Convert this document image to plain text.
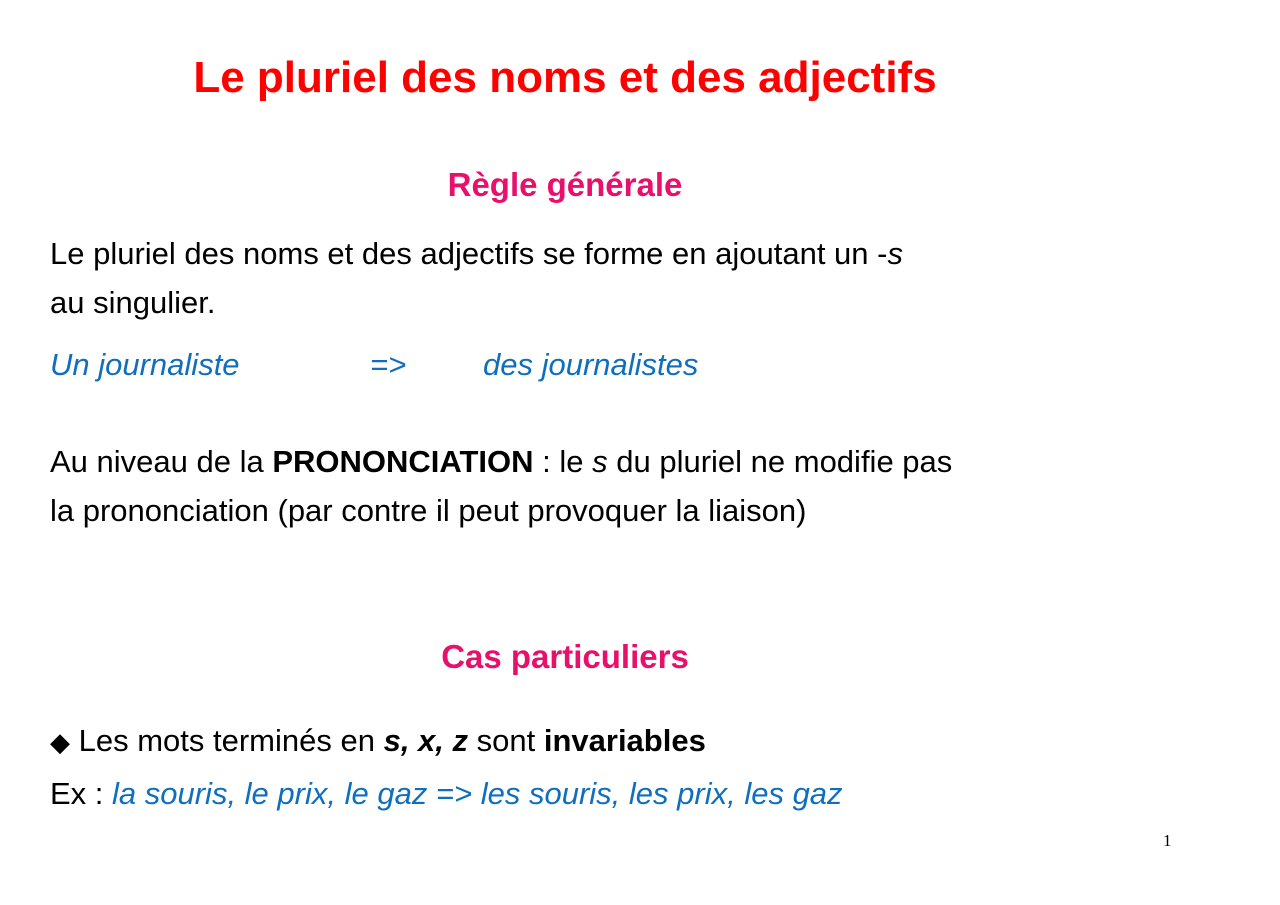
Le pluriel des noms et des adjectifs
Règle générale
Le pluriel des noms et des adjectifs se forme en ajoutant un -s
au singulier.
Un journaliste	=> des journalistes
Au niveau de la PRONONCIATION : le s du pluriel ne modifie pas
la prononciation (par contre il peut provoquer la liaison)
Cas particuliers
◆ Les mots terminés en s, x, z sont invariables
Ex : la souris, le prix, le gaz => les souris, les prix, les gaz
1
